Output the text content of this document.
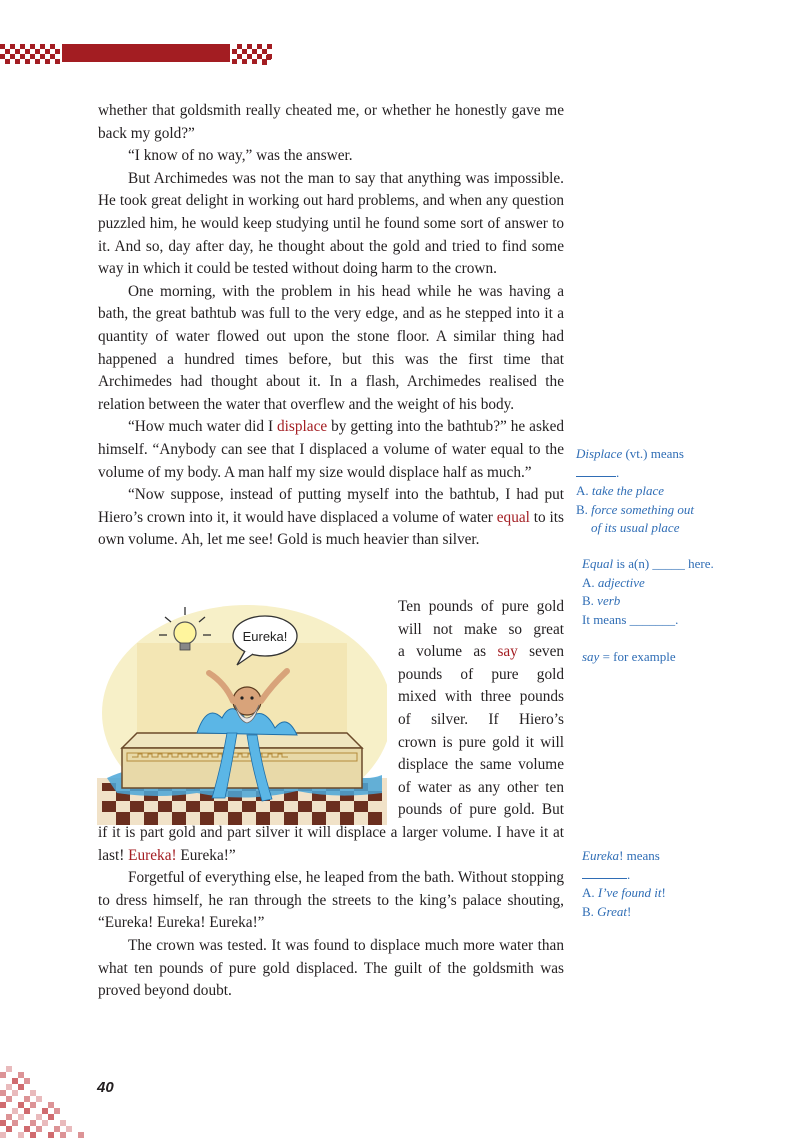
whether that goldsmith really cheated me, or whether he honestly gave me back my gold?”

“I know of no way,” was the answer.

But Archimedes was not the man to say that anything was impossible. He took great delight in working out hard problems, and when any question puzzled him, he would keep studying until he found some sort of answer to it. And so, day after day, he thought about the gold and tried to find some way in which it could be tested without doing harm to the crown.

One morning, with the problem in his head while he was having a bath, the great bathtub was full to the very edge, and as he stepped into it a quantity of water flowed out upon the stone floor. A similar thing had happened a hundred times before, but this was the first time that Archimedes had thought about it. In a flash, Archimedes realised the relation between the water that overflew and the weight of his body.

“How much water did I displace by getting into the bathtub?” he asked himself. “Anybody can see that I displaced a volume of water equal to the volume of my body. A man half my size would displace half as much.”

“Now suppose, instead of putting myself into the bathtub, I had put Hiero’s crown into it, it would have displaced a volume of water equal to its own volume. Ah, let me see! Gold is much heavier than silver.

Eureka!
Ten pounds of pure gold
will not make so great
a volume as say seven
pounds of pure gold
mixed with three pounds
of silver. If Hiero’s
crown is pure gold it will
displace the same volume
of water as any other ten
pounds of pure gold. But

if it is part gold and part silver it will displace a larger volume. I have it at last! Eureka! Eureka!”

Forgetful of everything else, he leaped from the bath. Without stopping to dress himself, he ran through the streets to the king’s palace shouting, “Eureka! Eureka! Eureka!”

The crown was tested. It was found to displace much more water than what ten pounds of pure gold displaced. The guilt of the goldsmith was proved beyond doubt.

Displace (vt.) means
.
A. take the place
B. force something out
of its usual place
Equal is a(n) _____ here.
A. adjective
B. verb
It means _______.
say = for example
Eureka! means
.
A. I’ve found it!
B. Great!
40
